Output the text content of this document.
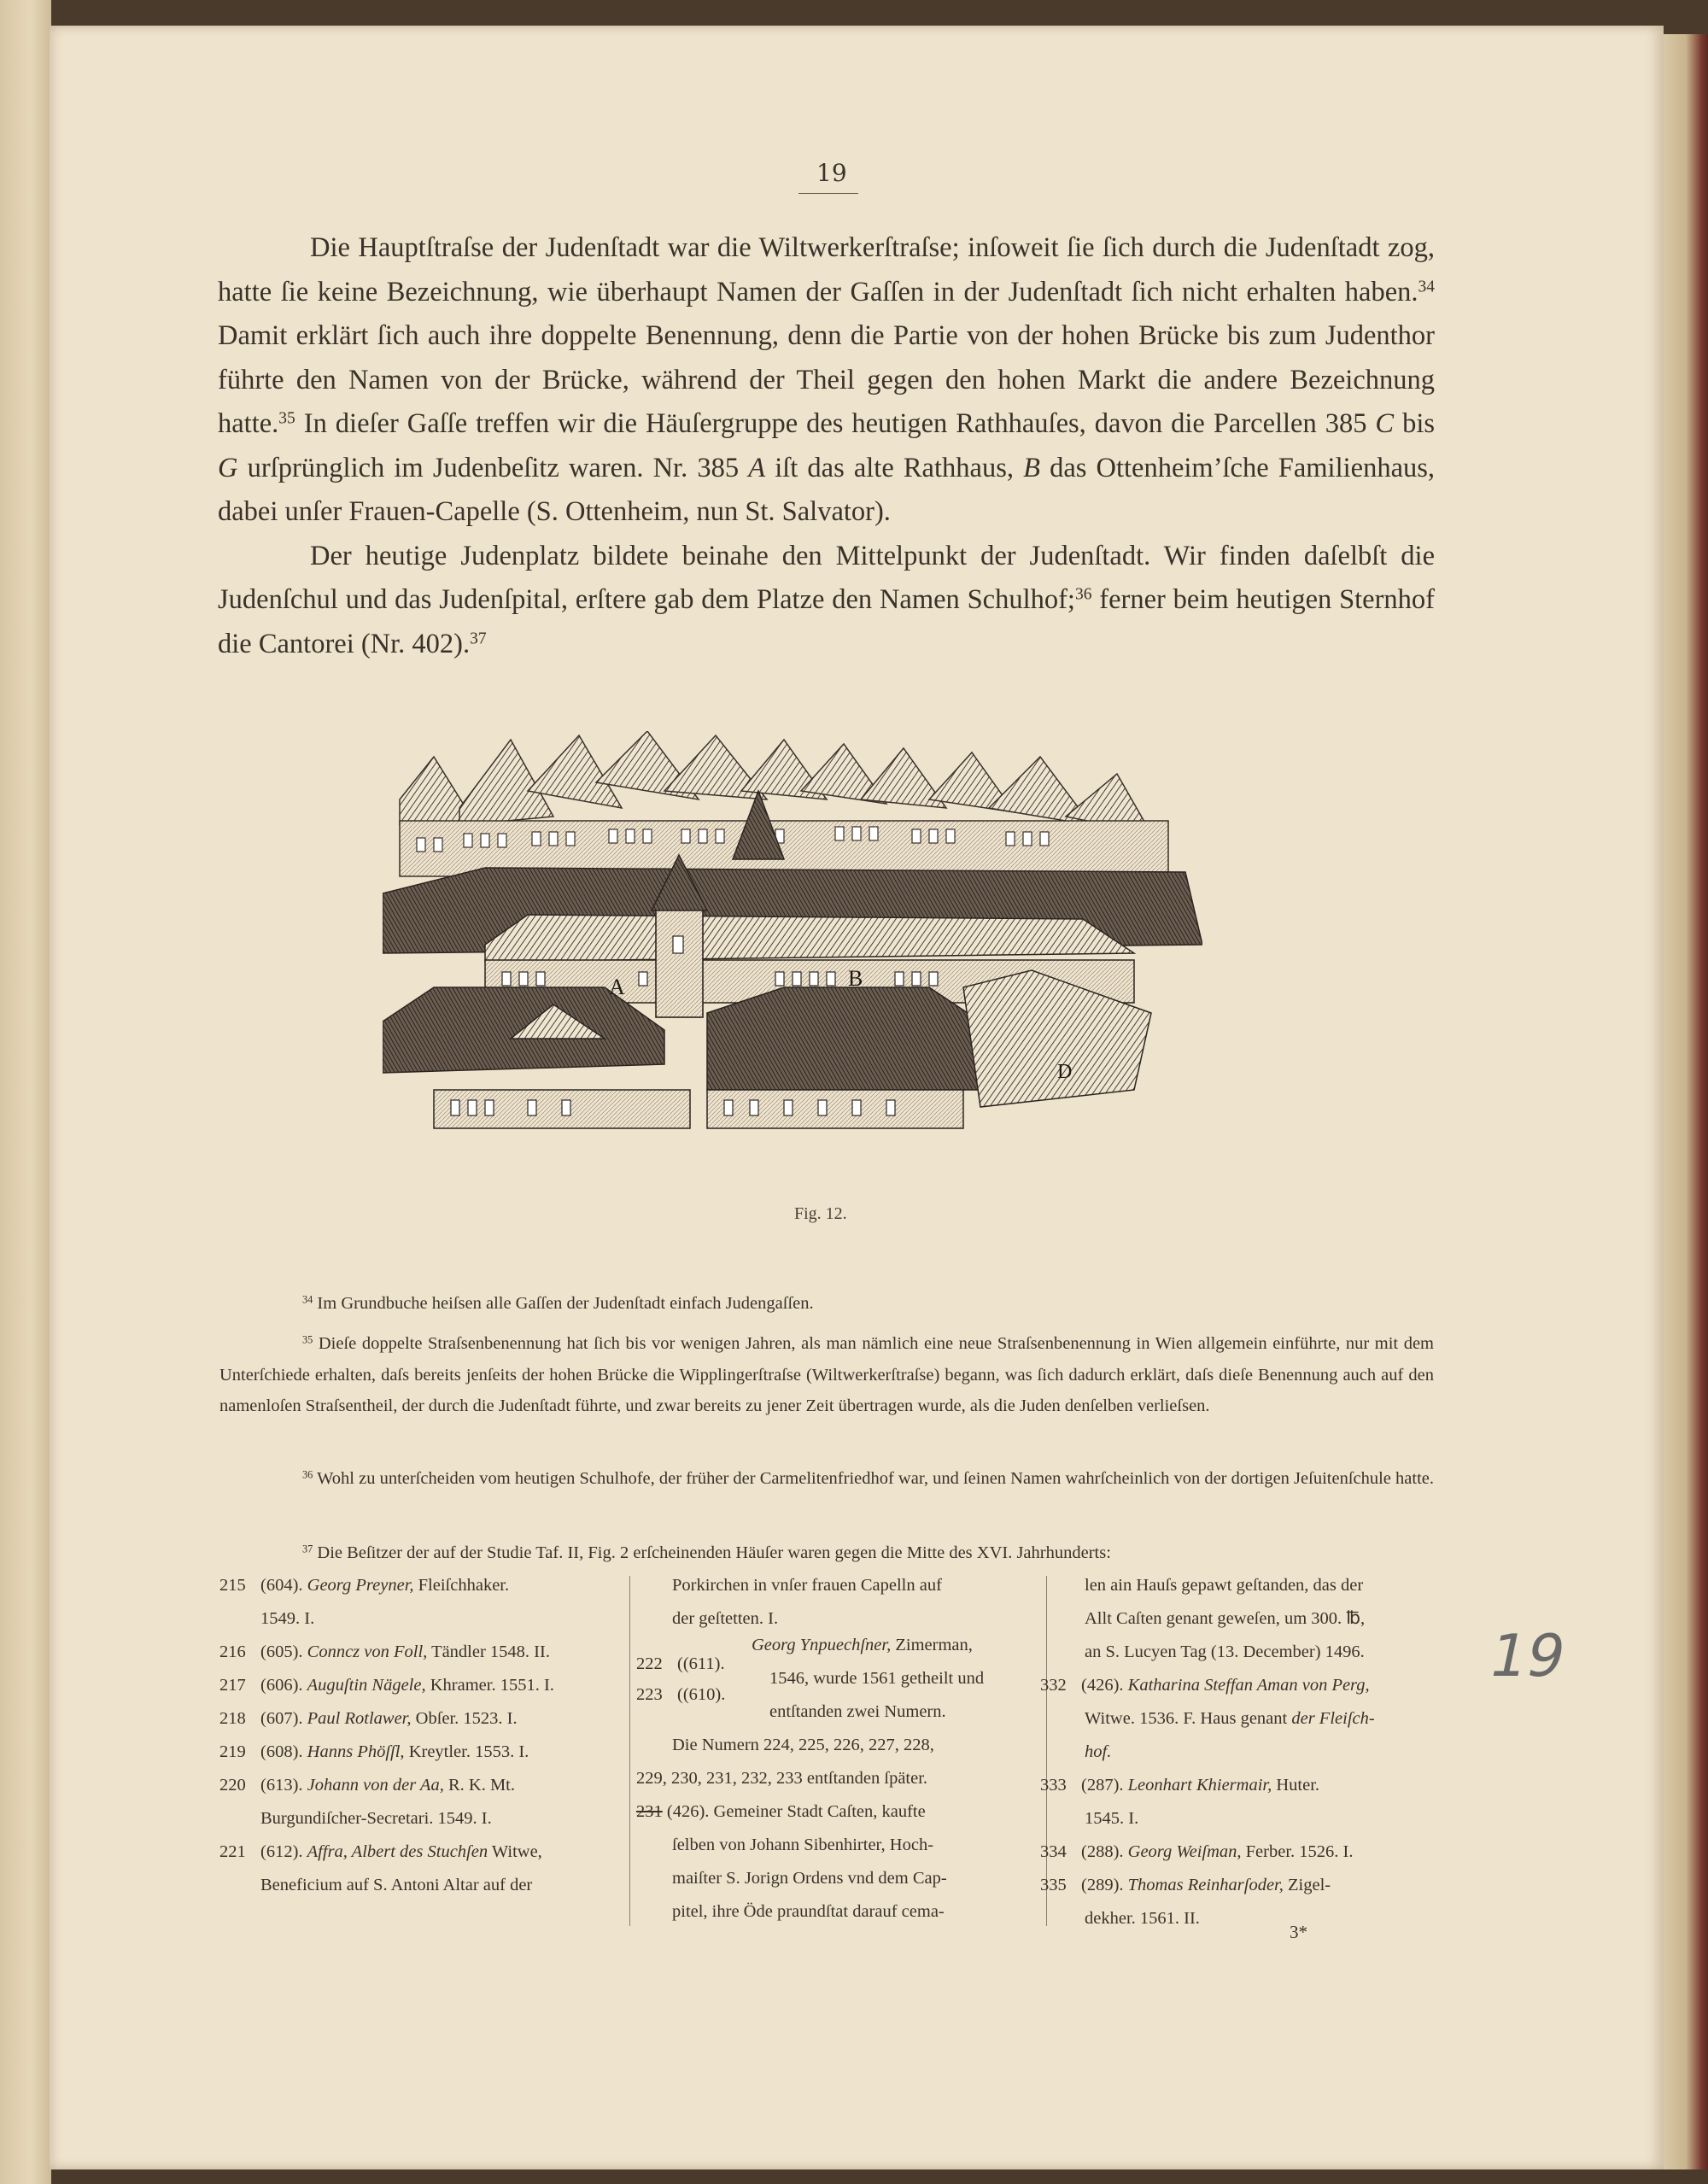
19

Die Hauptſtraſse der Judenſtadt war die Wiltwerkerſtraſse; inſoweit ſie ſich durch die Judenſtadt zog, hatte ſie keine Bezeichnung, wie überhaupt Namen der Gaſſen in der Judenſtadt ſich nicht erhalten haben.$^{34}$ Damit erklärt ſich auch ihre doppelte Benennung, denn die Partie von der hohen Brücke bis zum Judenthor führte den Namen von der Brücke, während der Theil gegen den hohen Markt die andere Bezeichnung hatte.$^{35}$ In dieſer Gaſſe treffen wir die Häuſergruppe des heutigen Rathhauſes, davon die Parcellen 385 C bis G urſprünglich im Judenbeſitz waren. Nr. 385 A iſt das alte Rathhaus, B das Ottenheim’ſche Familienhaus, dabei unſer Frauen-Capelle (S. Ottenheim, nun St. Salvator).

Der heutige Judenplatz bildete beinahe den Mittelpunkt der Judenſtadt. Wir finden daſelbſt die Judenſchul und das Judenſpital, erſtere gab dem Platze den Namen Schulhof;$^{36}$ ferner beim heutigen Sternhof die Cantorei (Nr. 402).$^{37}$

A	B
D
Fig. 12.
$^{34}$ Im Grundbuche heiſsen alle Gaſſen der Judenſtadt einfach Judengaſſen.
$^{35}$ Dieſe doppelte Straſsenbenennung hat ſich bis vor wenigen Jahren, als man nämlich eine neue Straſsenbenennung in Wien allgemein einführte, nur mit dem Unterſchiede erhalten, daſs bereits jenſeits der hohen Brücke die Wipplingerſtraſse (Wiltwerkerſtraſse) begann, was ſich dadurch erklärt, daſs dieſe Benennung auch auf den namenloſen Straſsentheil, der durch die Judenſtadt führte, und zwar bereits zu jener Zeit übertragen wurde, als die Juden denſelben verlieſsen.
$^{36}$ Wohl zu unterſcheiden vom heutigen Schulhofe, der früher der Carmelitenfriedhof war, und ſeinen Namen wahrſcheinlich von der dortigen Jeſuitenſchule hatte.
$^{37}$ Die Beſitzer der auf der Studie Taf. II, Fig. 2 erſcheinenden Häuſer waren gegen die Mitte des XVI. Jahrhunderts:
215 (604). Georg Preyner, Fleiſchhaker.
1549. I.
216 (605). Conncz von Foll, Tändler 1548. II.
217 (606). Auguſtin Nägele, Khramer. 1551. I.
218 (607). Paul Rotlawer, Obſer. 1523. I.
219 (608). Hanns Phöſſl, Kreytler. 1553. I.
220 (613). Johann von der Aa, R. K. Mt.
Burgundiſcher-Secretari. 1549. I.
221 (612). Affra, Albert des Stuchſen Witwe,
Beneficium auf S. Antoni Altar auf der
Porkirchen in vnſer frauen Capelln auf
der geſtetten. I.
222
223
((611).
((610).
Georg Ynpuechſner, Zimerman,
1546, wurde 1561 getheilt und
entſtanden zwei Numern.
Die Numern 224, 225, 226, 227, 228,
229, 230, 231, 232, 233 entſtanden ſpäter.
231 (426). Gemeiner Stadt Caſten, kaufte
ſelben von Johann Sibenhirter, Hoch-
maiſter S. Jorign Ordens vnd dem Cap-
pitel, ihre Öde praundſtat darauf cema-
len ain Hauſs gepawt geſtanden, das der
Allt Caſten genant geweſen, um 300. ℔,
an S. Lucyen Tag (13. December) 1496.
332 (426). Katharina Steffan Aman von Perg,
Witwe. 1536. F. Haus genant der Fleiſch-
hof.
333 (287). Leonhart Khiermair, Huter.
1545. I.
334 (288). Georg Weiſman, Ferber. 1526. I.
335 (289). Thomas Reinharſoder, Zigel-
dekher. 1561. II.
3*
19
